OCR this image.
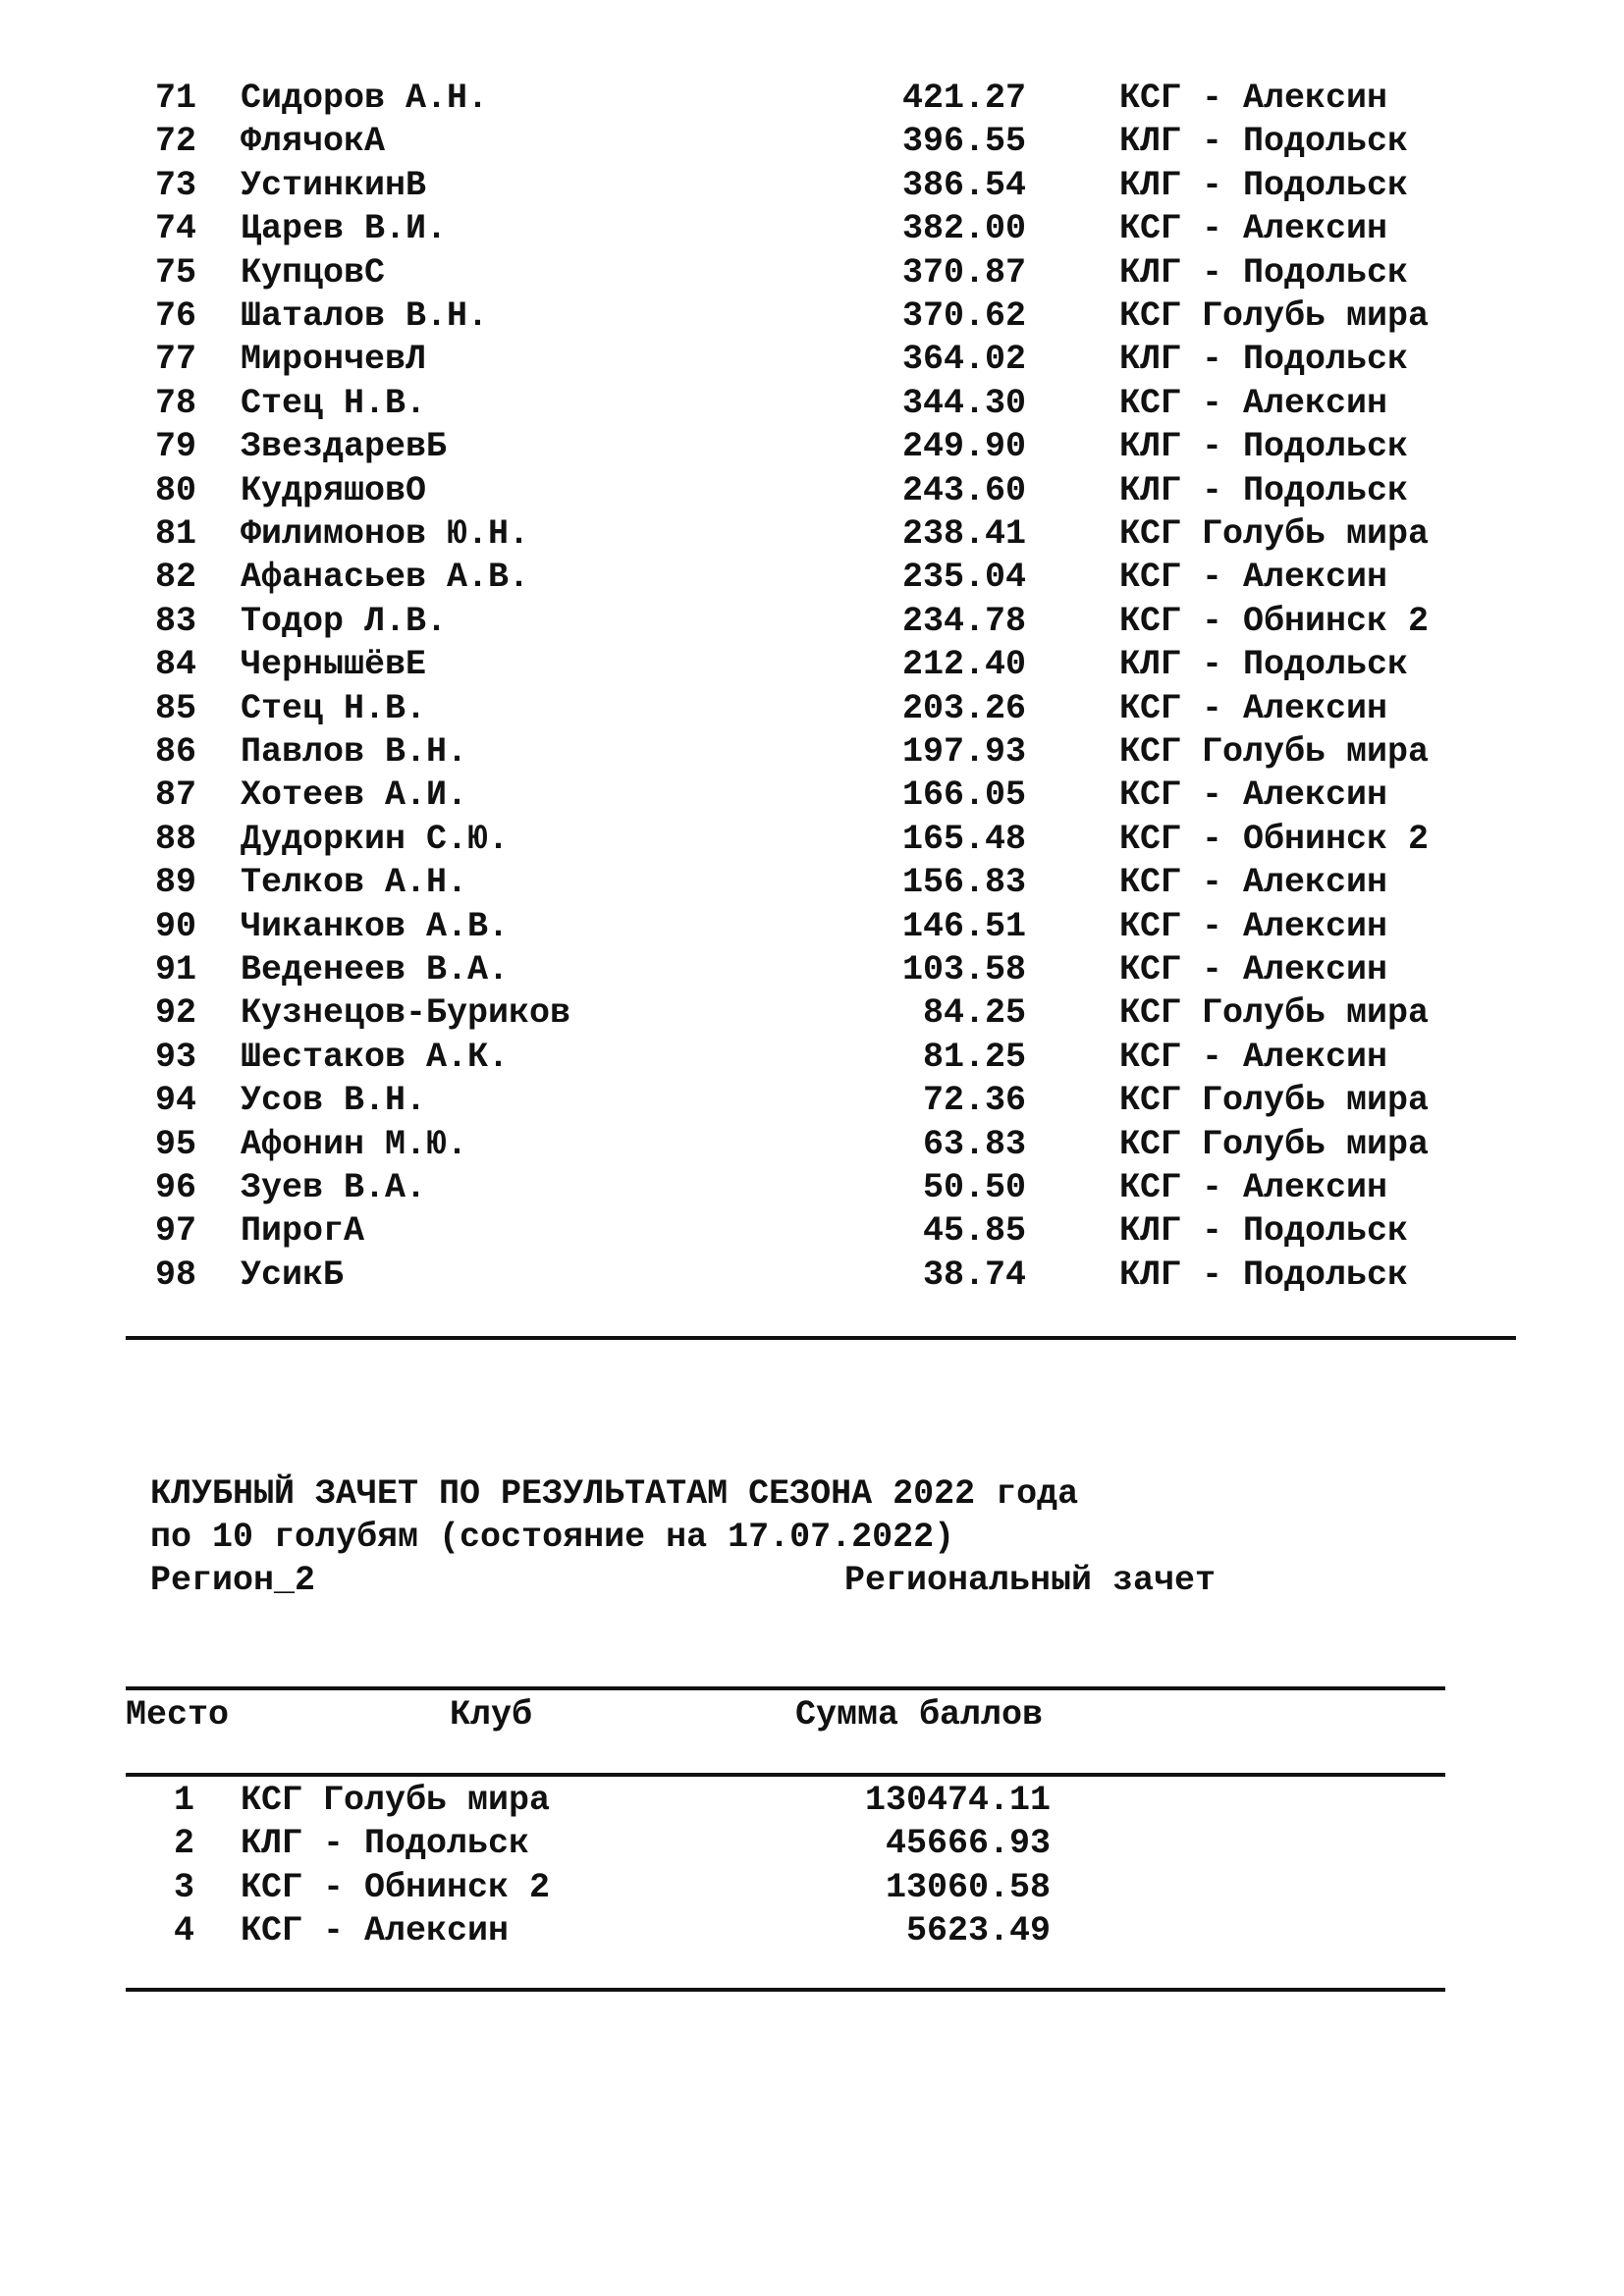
71 Сидоров А.Н.	421.27	КСГ - Алексин
72 ФлячокА	396.55	КЛГ - Подольск
73 УстинкинВ	386.54	КЛГ - Подольск
74 Царев В.И.	382.00	КСГ - Алексин
75 КупцовС	370.87	КЛГ - Подольск
76 Шаталов В.Н.	370.62	КСГ Голубь мира
77 МирончевЛ	364.02	КЛГ - Подольск
78 Стец Н.В.	344.30	КСГ - Алексин
79 ЗвездаревБ	249.90	КЛГ - Подольск
80 КудряшовО	243.60	КЛГ - Подольск
81 Филимонов Ю.Н.	238.41	КСГ Голубь мира
82 Афанасьев А.В.	235.04	КСГ - Алексин
83 Тодор Л.В.	234.78	КСГ - Обнинск 2
84 ЧернышёвЕ	212.40	КЛГ - Подольск
85 Стец Н.В.	203.26	КСГ - Алексин
86 Павлов В.Н.	197.93	КСГ Голубь мира
87 Хотеев А.И.	166.05	КСГ - Алексин
88 Дудоркин С.Ю.	165.48	КСГ - Обнинск 2
89 Телков А.Н.	156.83	КСГ - Алексин
90 Чиканков А.В.	146.51	КСГ - Алексин
91 Веденеев В.А.	103.58	КСГ - Алексин
92 Кузнецов-Буриков	84.25	КСГ Голубь мира
93 Шестаков А.К.	81.25	КСГ - Алексин
94 Усов В.Н.	72.36	КСГ Голубь мира
95 Афонин М.Ю.	63.83	КСГ Голубь мира
96 Зуев В.А.	50.50	КСГ - Алексин
97 ПирогА	45.85	КЛГ - Подольск
98 УсикБ	38.74	КЛГ - Подольск
КЛУБНЫЙ ЗАЧЕТ ПО РЕЗУЛЬТАТАМ СЕЗОНА 2022 года
по 10 голубям (состояние на 17.07.2022)
Регион_2	Региональный зачет
Место	Клуб	Сумма баллов
1 КСГ Голубь мира	130474.11
2 КЛГ - Подольск	45666.93
3 КСГ - Обнинск 2	13060.58
4 КСГ - Алексин	5623.49
